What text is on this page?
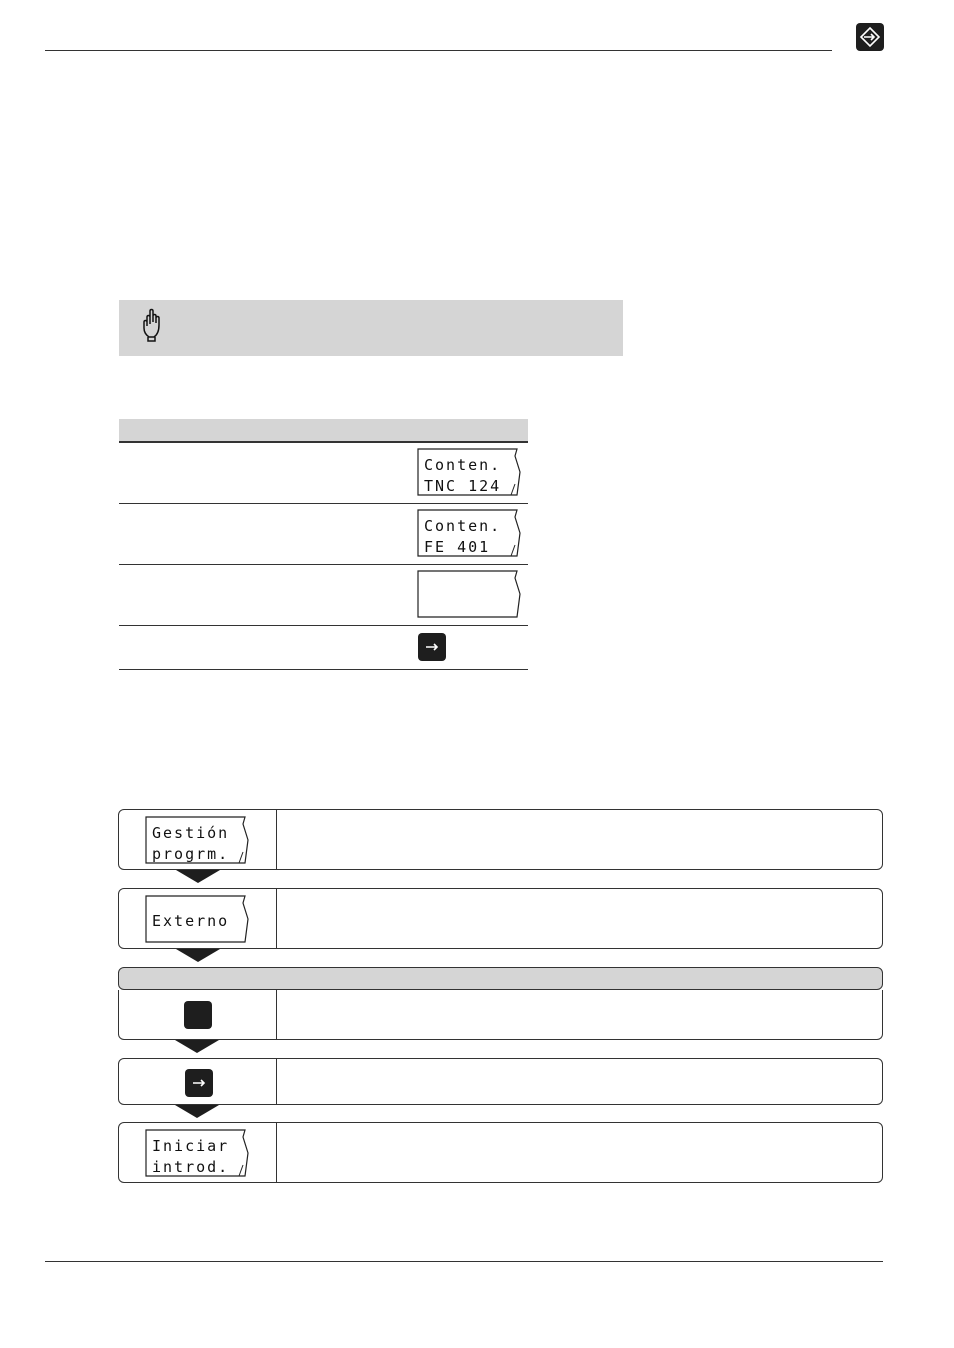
Conten.
TNC 124
Conten.
FE 401

Gestión
progrm.
Externo
Iniciar
introd.
